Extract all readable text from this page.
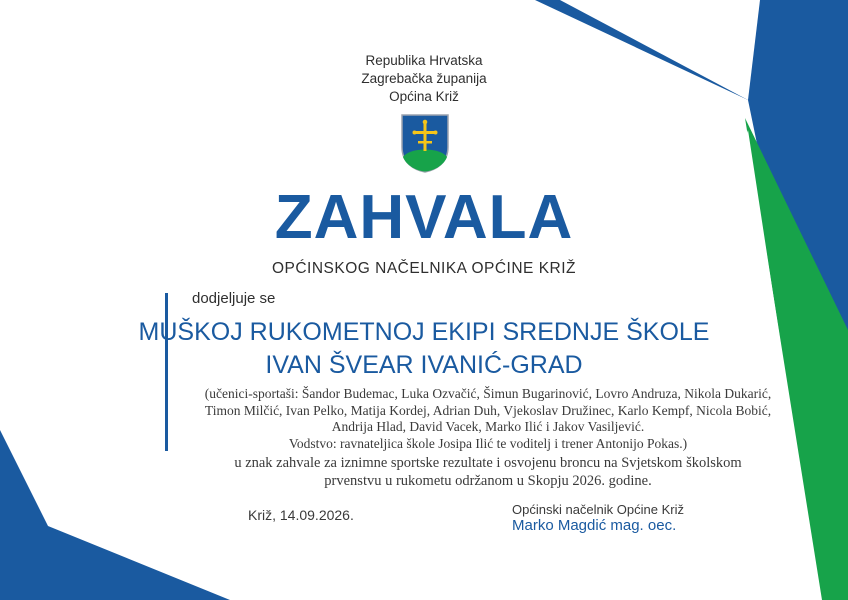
Republika Hrvatska
Zagrebačka županija
Općina Križ
ZAHVALA
OPĆINSKOG NAČELNIKA OPĆINE KRIŽ
dodjeljuje se
MUŠKOJ RUKOMETNOJ EKIPI SREDNJE ŠKOLE
IVAN ŠVEAR IVANIĆ-GRAD
(učenici-sportaši: Šandor Budemac, Luka Ozvačić, Šimun Bugarinović, Lovro Andruza, Nikola Dukarić,
Timon Milčić, Ivan Pelko, Matija Kordej, Adrian Duh, Vjekoslav Družinec, Karlo Kempf, Nicola Bobić,
Andrija Hlad, David Vacek, Marko Ilić i Jakov Vasiljević.
Vodstvo: ravnateljica škole Josipa Ilić te voditelj i trener Antonijo Pokas.)
u znak zahvale za iznimne sportske rezultate i osvojenu broncu na Svjetskom školskom
prvenstvu u rukometu održanom u Skopju 2026. godine.
Križ, 14.09.2026.	Općinski načelnik Općine Križ
Marko Magdić mag. oec.
